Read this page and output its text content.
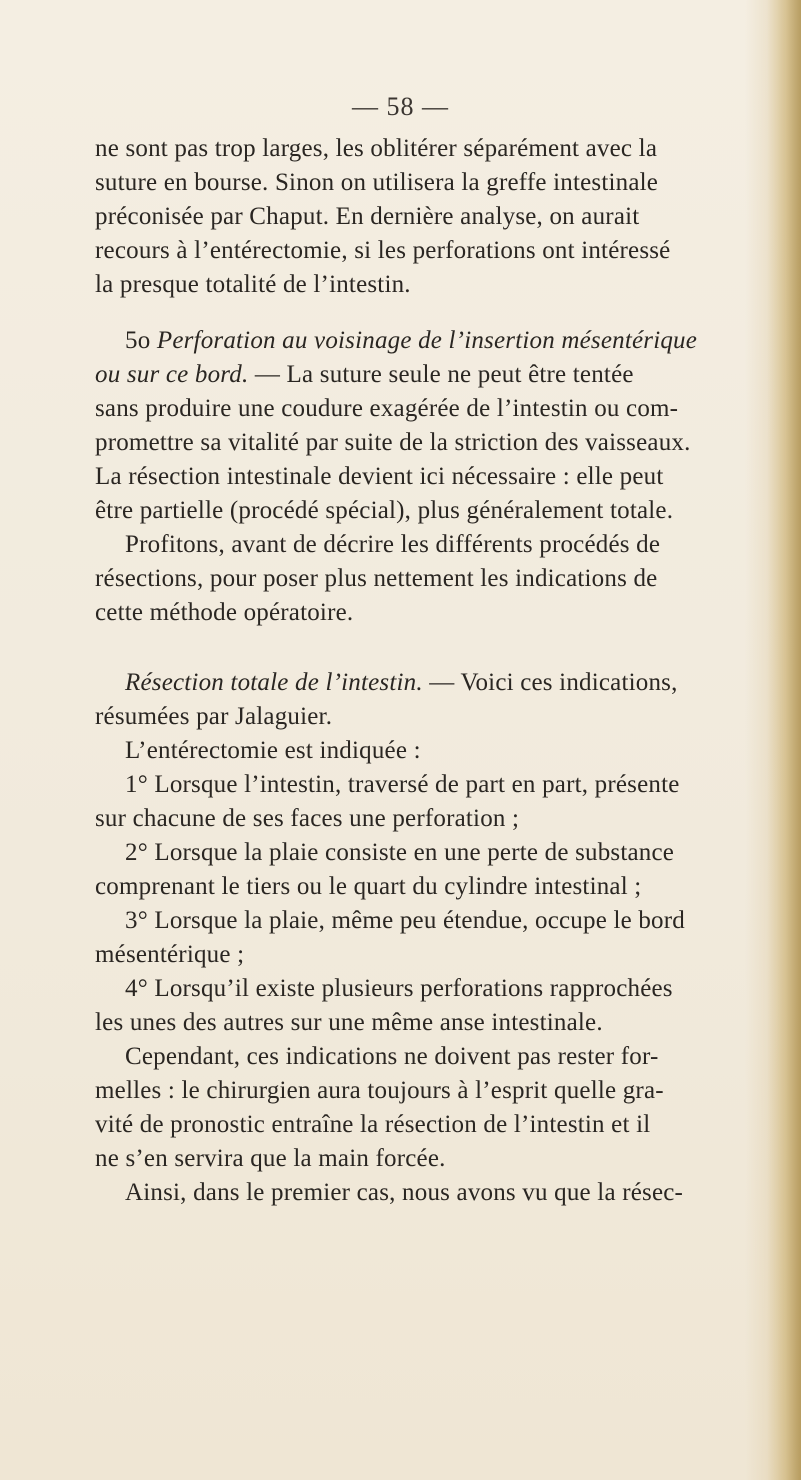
— 58 —
ne sont pas trop larges, les oblitérer séparément avec la
suture en bourse. Sinon on utilisera la greffe intestinale
préconisée par Chaput. En dernière analyse, on aurait
recours à l’entérectomie, si les perforations ont intéressé
la presque totalité de l’intestin.
5o Perforation au voisinage de l’insertion mésentérique
ou sur ce bord. — La suture seule ne peut être tentée
sans produire une coudure exagérée de l’intestin ou com-
promettre sa vitalité par suite de la striction des vaisseaux.
La résection intestinale devient ici nécessaire : elle peut
être partielle (procédé spécial), plus généralement totale.
Profitons, avant de décrire les différents procédés de
résections, pour poser plus nettement les indications de
cette méthode opératoire.
Résection totale de l’intestin. — Voici ces indications,
résumées par Jalaguier.
L’entérectomie est indiquée :
1° Lorsque l’intestin, traversé de part en part, présente
sur chacune de ses faces une perforation ;
2° Lorsque la plaie consiste en une perte de substance
comprenant le tiers ou le quart du cylindre intestinal ;
3° Lorsque la plaie, même peu étendue, occupe le bord
mésentérique ;
4° Lorsqu’il existe plusieurs perforations rapprochées
les unes des autres sur une même anse intestinale.
Cependant, ces indications ne doivent pas rester for-
melles : le chirurgien aura toujours à l’esprit quelle gra-
vité de pronostic entraîne la résection de l’intestin et il
ne s’en servira que la main forcée.
Ainsi, dans le premier cas, nous avons vu que la résec-
